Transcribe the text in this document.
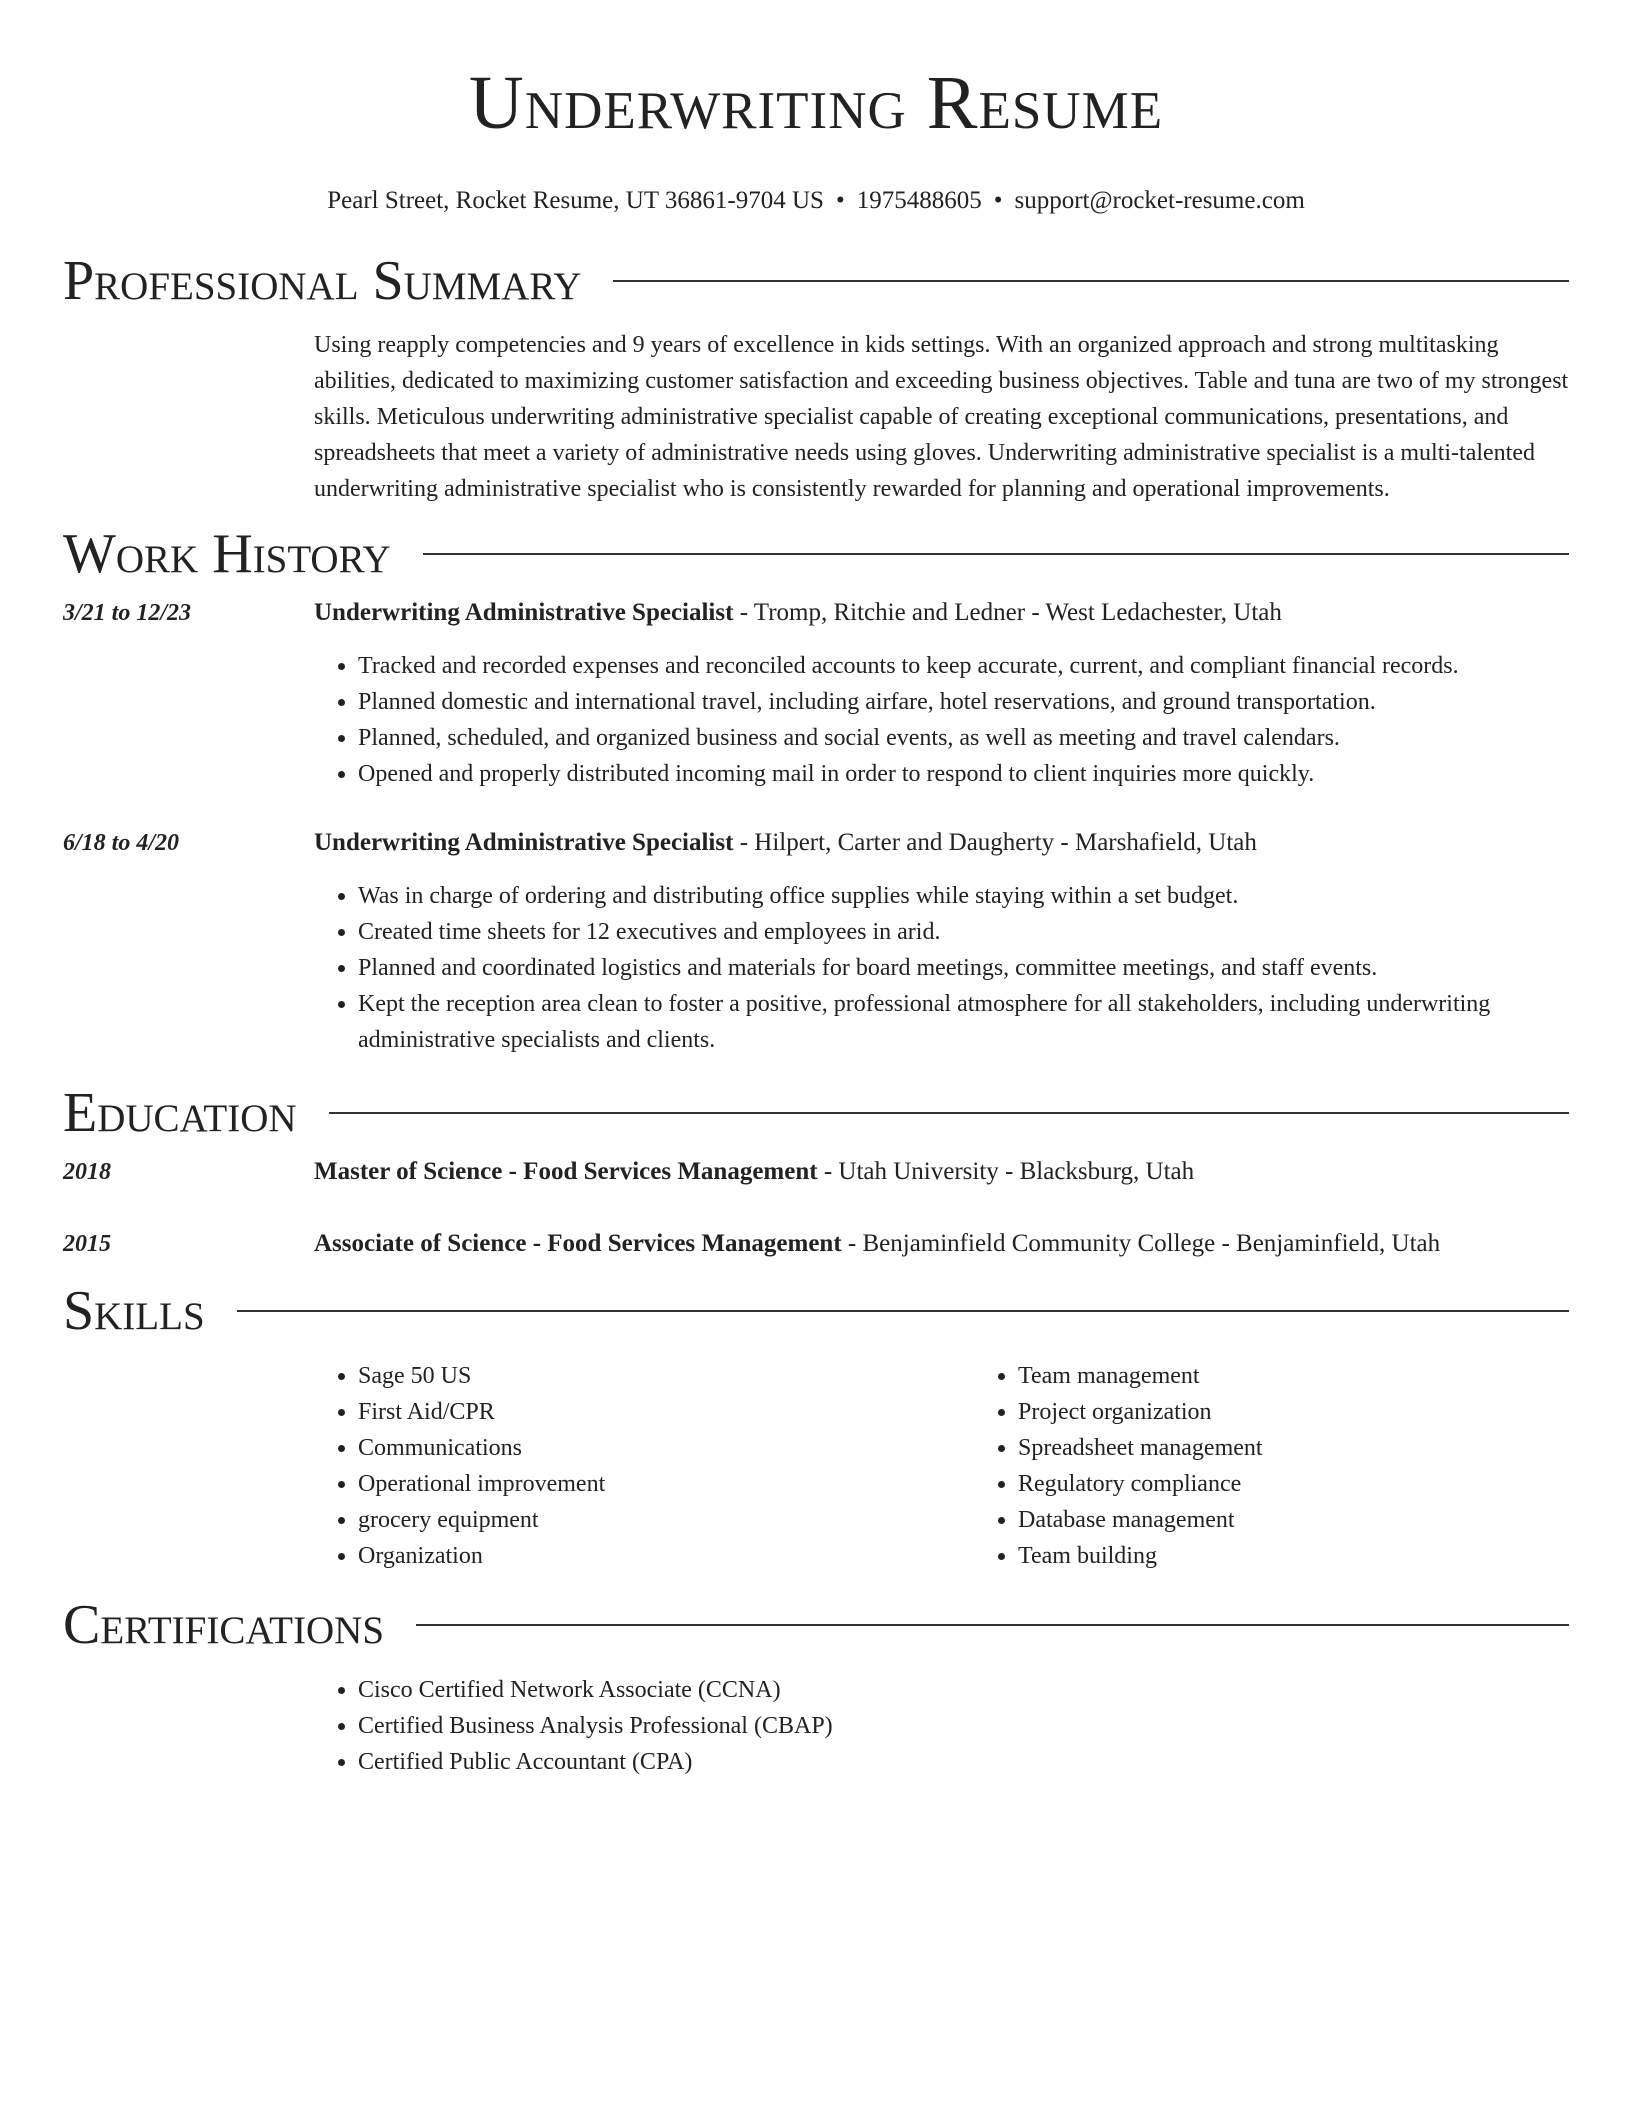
Underwriting Resume
Pearl Street, Rocket Resume, UT 36861-9704 US • 1975488605 • support@rocket-resume.com
Professional Summary

Using reapply competencies and 9 years of excellence in kids settings. With an organized approach and strong multitasking abilities, dedicated to maximizing customer satisfaction and exceeding business objectives. Table and tuna are two of my strongest skills. Meticulous underwriting administrative specialist capable of creating exceptional communications, presentations, and spreadsheets that meet a variety of administrative needs using gloves. Underwriting administrative specialist is a multi-talented underwriting administrative specialist who is consistently rewarded for planning and operational improvements.

Work History
3/21 to 12/23	Underwriting Administrative Specialist - Tromp, Ritchie and Ledner - West Ledachester, Utah
• Tracked and recorded expenses and reconciled accounts to keep accurate, current, and compliant financial records.
• Planned domestic and international travel, including airfare, hotel reservations, and ground transportation.
• Planned, scheduled, and organized business and social events, as well as meeting and travel calendars.
• Opened and properly distributed incoming mail in order to respond to client inquiries more quickly.
6/18 to 4/20	Underwriting Administrative Specialist - Hilpert, Carter and Daugherty - Marshafield, Utah
• Was in charge of ordering and distributing office supplies while staying within a set budget.
• Created time sheets for 12 executives and employees in arid.
• Planned and coordinated logistics and materials for board meetings, committee meetings, and staff events.
• Kept the reception area clean to foster a positive, professional atmosphere for all stakeholders, including underwriting administrative specialists and clients.
Education
2018	Master of Science - Food Services Management - Utah University - Blacksburg, Utah
2015	Associate of Science - Food Services Management - Benjaminfield Community College - Benjaminfield, Utah
Skills
• Sage 50 US
• First Aid/CPR
• Communications
• Operational improvement
• grocery equipment
• Organization
• Team management
• Project organization
• Spreadsheet management
• Regulatory compliance
• Database management
• Team building
Certifications
• Cisco Certified Network Associate (CCNA)
• Certified Business Analysis Professional (CBAP)
• Certified Public Accountant (CPA)
